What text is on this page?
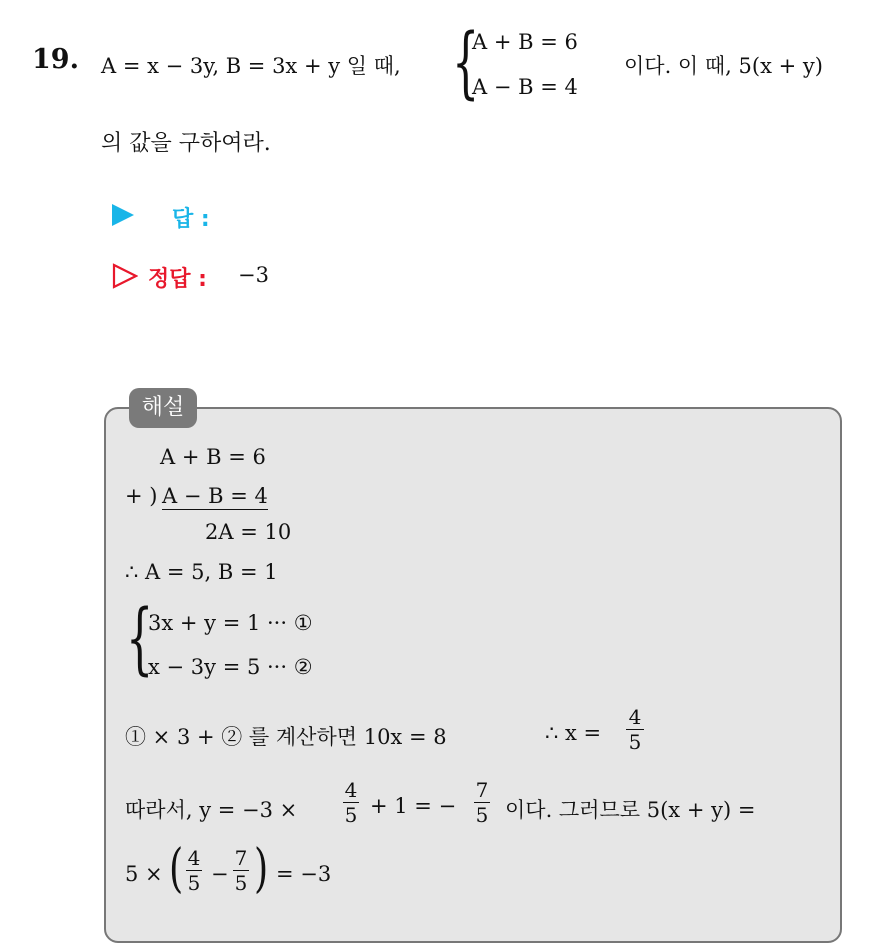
19. A = x − 3y, B = 3x + y 일 때, {
A + B = 6
A − B = 4
이다. 이 때, 5(x + y)
의 값을 구하여라.
답 :
정답 : −3
해설
A + B = 6
+ ) A − B = 4
2A = 10
∴ A = 5, B = 1
{
3x + y = 1 ··· ①
x − 3y = 5 ··· ②
① × 3 + ② 를 계산하면 10x = 8	∴ x =
4
5
따라서, y = −3 ×
4
5 + 1 = −
7
5 이다. 그러므로 5(x + y) =
5 × ( 4
5 −
7
5 ) = −3
